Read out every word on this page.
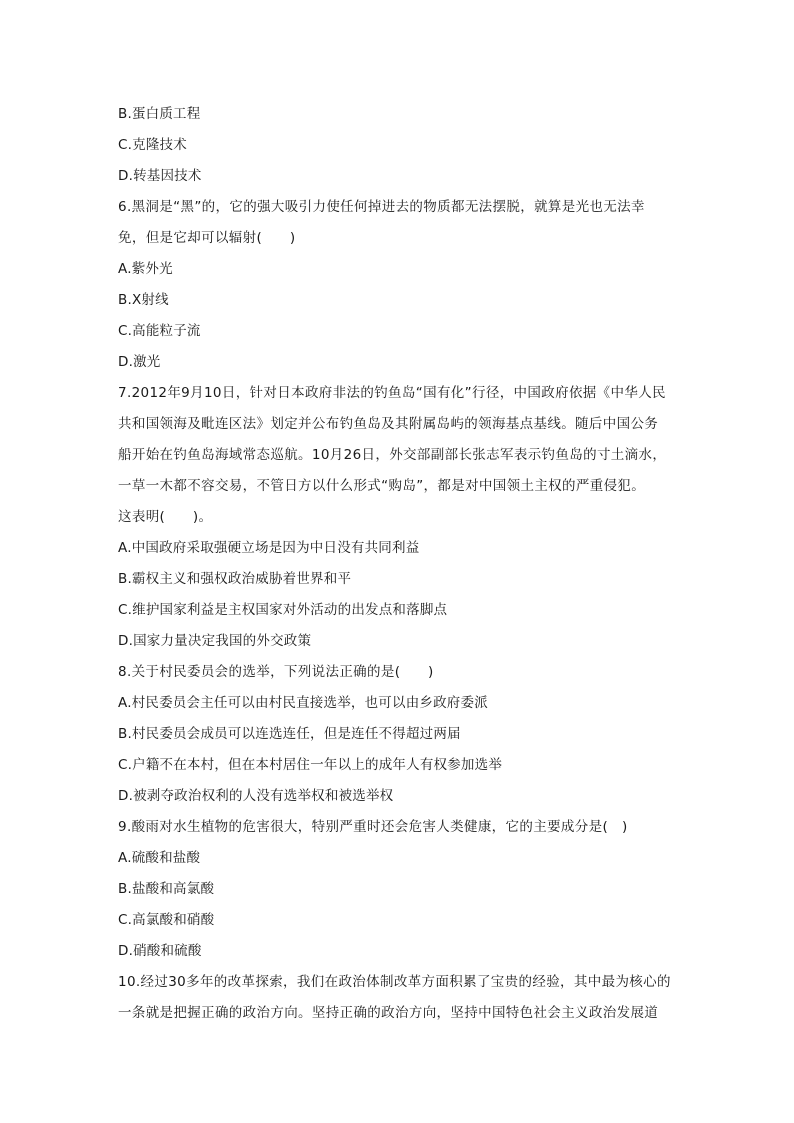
B.蛋白质工程
C.克隆技术
D.转基因技术
6.黑洞是“黑”的，它的强大吸引力使任何掉进去的物质都无法摆脱，就算是光也无法幸
免，但是它却可以辐射(　　)
A.紫外光
B.X射线
C.高能粒子流
D.激光
7.2012年9月10日，针对日本政府非法的钓鱼岛“国有化”行径，中国政府依据《中华人民
共和国领海及毗连区法》划定并公布钓鱼岛及其附属岛屿的领海基点基线。随后中国公务
船开始在钓鱼岛海域常态巡航。10月26日，外交部副部长张志军表示钓鱼岛的寸土滴水，
一草一木都不容交易，不管日方以什么形式“购岛”，都是对中国领土主权的严重侵犯。
这表明(　　)。
A.中国政府采取强硬立场是因为中日没有共同利益
B.霸权主义和强权政治威胁着世界和平
C.维护国家利益是主权国家对外活动的出发点和落脚点
D.国家力量决定我国的外交政策
8.关于村民委员会的选举，下列说法正确的是(　　)
A.村民委员会主任可以由村民直接选举，也可以由乡政府委派
B.村民委员会成员可以连选连任，但是连任不得超过两届
C.户籍不在本村，但在本村居住一年以上的成年人有权参加选举
D.被剥夺政治权利的人没有选举权和被选举权
9.酸雨对水生植物的危害很大，特别严重时还会危害人类健康，它的主要成分是(　)
A.硫酸和盐酸
B.盐酸和高氯酸
C.高氯酸和硝酸
D.硝酸和硫酸
10.经过30多年的改革探索，我们在政治体制改革方面积累了宝贵的经验，其中最为核心的
一条就是把握正确的政治方向。坚持正确的政治方向，坚持中国特色社会主义政治发展道
